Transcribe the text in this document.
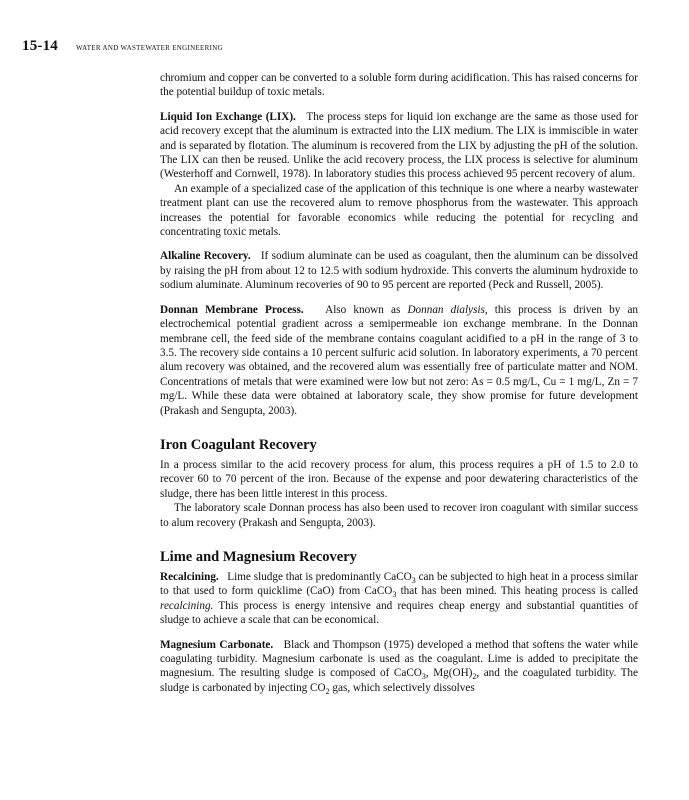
15-14	WATER AND WASTEWATER ENGINEERING

chromium and copper can be converted to a soluble form during acidification. This has raised concerns for the potential buildup of toxic metals.

Liquid Ion Exchange (LIX). The process steps for liquid ion exchange are the same as those used for acid recovery except that the aluminum is extracted into the LIX medium. The LIX is immiscible in water and is separated by flotation. The aluminum is recovered from the LIX by adjusting the pH of the solution. The LIX can then be reused. Unlike the acid recovery process, the LIX process is selective for aluminum (Westerhoff and Cornwell, 1978). In laboratory studies this process achieved 95 percent recovery of alum.

An example of a specialized case of the application of this technique is one where a nearby wastewater treatment plant can use the recovered alum to remove phosphorus from the wastewater. This approach increases the potential for favorable economics while reducing the potential for recycling and concentrating toxic metals.

Alkaline Recovery. If sodium aluminate can be used as coagulant, then the aluminum can be dissolved by raising the pH from about 12 to 12.5 with sodium hydroxide. This converts the aluminum hydroxide to sodium aluminate. Aluminum recoveries of 90 to 95 percent are reported (Peck and Russell, 2005).

Donnan Membrane Process. Also known as Donnan dialysis, this process is driven by an electrochemical potential gradient across a semipermeable ion exchange membrane. In the Donnan membrane cell, the feed side of the membrane contains coagulant acidified to a pH in the range of 3 to 3.5. The recovery side contains a 10 percent sulfuric acid solution. In laboratory experiments, a 70 percent alum recovery was obtained, and the recovered alum was essentially free of particulate matter and NOM. Concentrations of metals that were examined were low but not zero: As = 0.5 mg/L, Cu = 1 mg/L, Zn = 7 mg/L. While these data were obtained at laboratory scale, they show promise for future development (Prakash and Sengupta, 2003).

Iron Coagulant Recovery

In a process similar to the acid recovery process for alum, this process requires a pH of 1.5 to 2.0 to recover 60 to 70 percent of the iron. Because of the expense and poor dewatering characteristics of the sludge, there has been little interest in this process.

The laboratory scale Donnan process has also been used to recover iron coagulant with similar success to alum recovery (Prakash and Sengupta, 2003).

Lime and Magnesium Recovery

Recalcining. Lime sludge that is predominantly CaCO$_3$ can be subjected to high heat in a process similar to that used to form quicklime (CaO) from CaCO$_3$ that has been mined. This heating process is called recalcining. This process is energy intensive and requires cheap energy and substantial quantities of sludge to achieve a scale that can be economical.

Magnesium Carbonate. Black and Thompson (1975) developed a method that softens the water while coagulating turbidity. Magnesium carbonate is used as the coagulant. Lime is added to precipitate the magnesium. The resulting sludge is composed of CaCO$_3$, $Mg(OH)_2$, and the coagulated turbidity. The sludge is carbonated by injecting $CO_2$ gas, which selectively dissolves
